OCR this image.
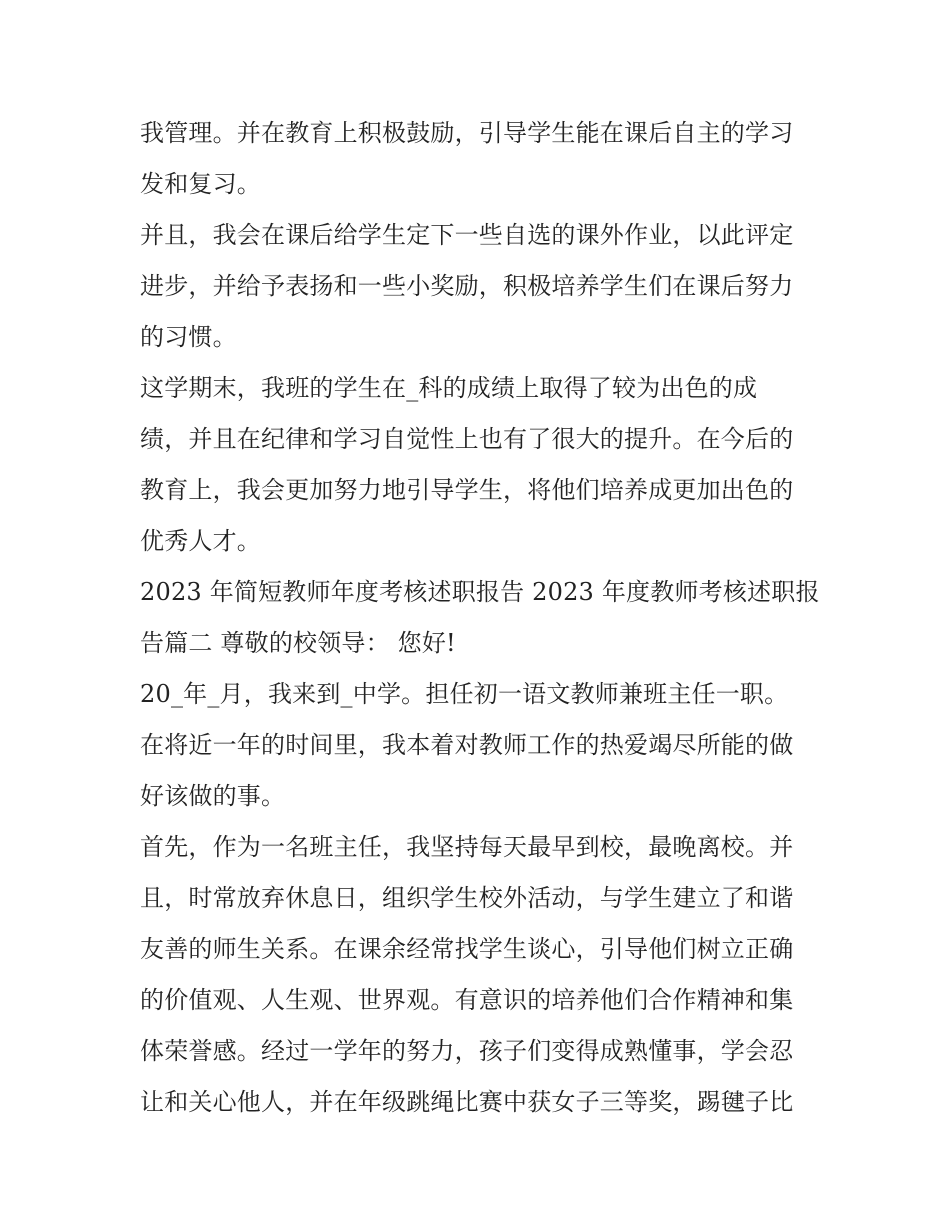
我管理。并在教育上积极鼓励，引导学生能在课后自主的学习
发和复习。
并且，我会在课后给学生定下一些自选的课外作业，以此评定
进步，并给予表扬和一些小奖励，积极培养学生们在课后努力
的习惯。
这学期末，我班的学生在_科的成绩上取得了较为出色的成
绩，并且在纪律和学习自觉性上也有了很大的提升。在今后的
教育上，我会更加努力地引导学生，将他们培养成更加出色的
优秀人才。
2023 年简短教师年度考核述职报告 2023 年度教师考核述职报
告篇二 尊敬的校领导： 您好!
20_年_月，我来到_中学。担任初一语文教师兼班主任一职。
在将近一年的时间里，我本着对教师工作的热爱竭尽所能的做
好该做的事。
首先，作为一名班主任，我坚持每天最早到校，最晚离校。并
且，时常放弃休息日，组织学生校外活动，与学生建立了和谐
友善的师生关系。在课余经常找学生谈心，引导他们树立正确
的价值观、人生观、世界观。有意识的培养他们合作精神和集
体荣誉感。经过一学年的努力，孩子们变得成熟懂事，学会忍
让和关心他人，并在年级跳绳比赛中获女子三等奖，踢毽子比
